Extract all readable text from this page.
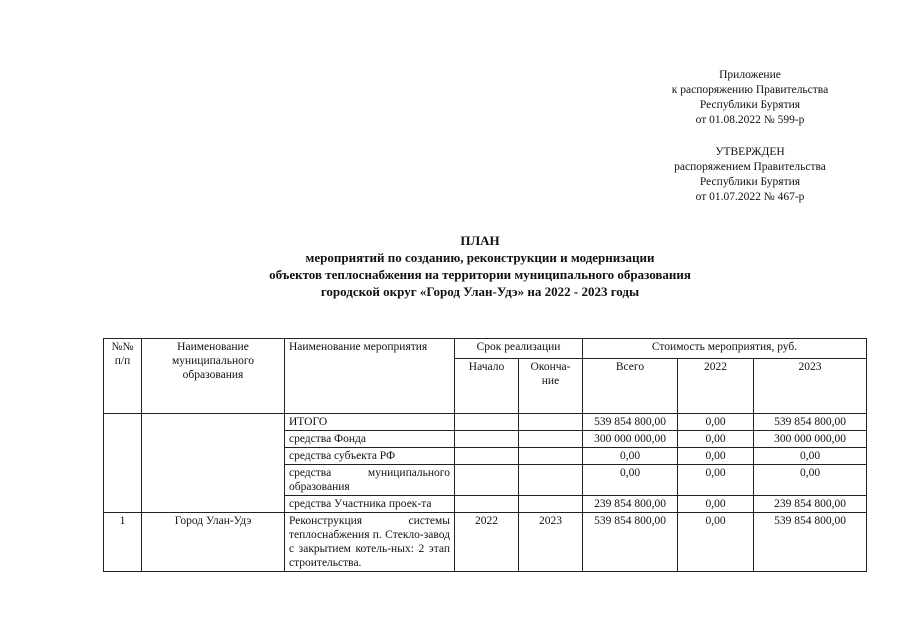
Приложение
к распоряжению Правительства
Республики Бурятия
от 01.08.2022 № 599-р
УТВЕРЖДЕН
распоряжением Правительства
Республики Бурятия
от 01.07.2022 № 467-р
ПЛАН
мероприятий по созданию, реконструкции и модернизации
объектов теплоснабжения на территории муниципального образования
городской округ «Город Улан-Удэ» на 2022 - 2023 годы
№№ п/п	Наименование муниципального образования	Наименование мероприятия	Срок реализации		Стоимость мероприятия, руб.		
			Начало	Оконча-ние	Всего	2022	2023
		ИТОГО			539 854 800,00	0,00	539 854 800,00
		средства Фонда			300 000 000,00	0,00	300 000 000,00
		средства субъекта РФ			0,00	0,00	0,00
		средства муниципального образования			0,00	0,00	0,00
		средства Участника проек-та			239 854 800,00	0,00	239 854 800,00
1	Город Улан-Удэ	Реконструкция системы теплоснабжения п. Стекло-завод с закрытием котель-ных: 2 этап строительства.	2022	2023	539 854 800,00	0,00	539 854 800,00
